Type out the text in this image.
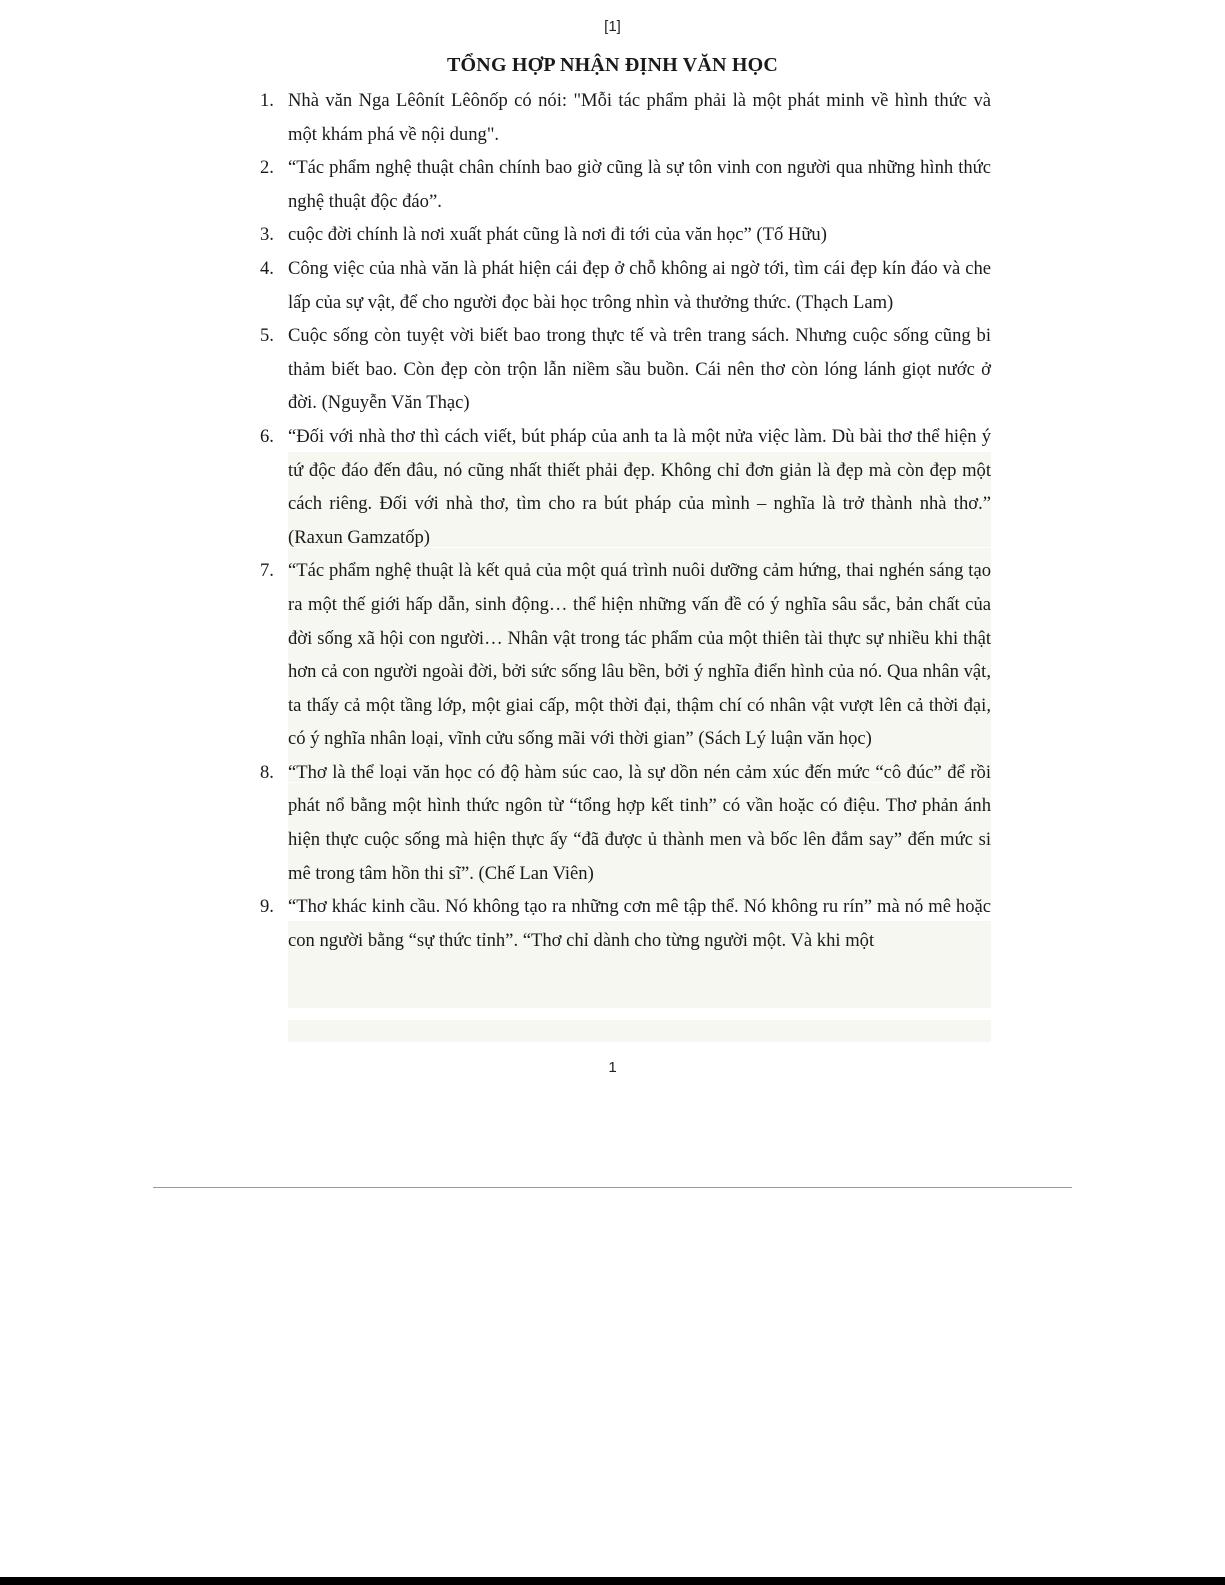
[1]
TỔNG HỢP NHẬN ĐỊNH VĂN HỌC
1. Nhà văn Nga Lêônít Lêônốp có nói: "Mỗi tác phẩm phải là một phát minh về hình thức và một khám phá về nội dung".
2. “Tác phẩm nghệ thuật chân chính bao giờ cũng là sự tôn vinh con người qua những hình thức nghệ thuật độc đáo”.
3. cuộc đời chính là nơi xuất phát cũng là nơi đi tới của văn học” (Tố Hữu)
4. Công việc của nhà văn là phát hiện cái đẹp ở chỗ không ai ngờ tới, tìm cái đẹp kín đáo và che lấp của sự vật, để cho người đọc bài học trông nhìn và thưởng thức. (Thạch Lam)
5. Cuộc sống còn tuyệt vời biết bao trong thực tế và trên trang sách. Nhưng cuộc sống cũng bi thảm biết bao. Còn đẹp còn trộn lẫn niềm sầu buồn. Cái nên thơ còn lóng lánh giọt nước ở đời. (Nguyễn Văn Thạc)
6. “Đối với nhà thơ thì cách viết, bút pháp của anh ta là một nửa việc làm. Dù bài thơ thể hiện ý tứ độc đáo đến đâu, nó cũng nhất thiết phải đẹp. Không chỉ đơn giản là đẹp mà còn đẹp một cách riêng. Đối với nhà thơ, tìm cho ra bút pháp của mình – nghĩa là trở thành nhà thơ.” (Raxun Gamzatốp)
7. “Tác phẩm nghệ thuật là kết quả của một quá trình nuôi dưỡng cảm hứng, thai nghén sáng tạo ra một thế giới hấp dẫn, sinh động… thể hiện những vấn đề có ý nghĩa sâu sắc, bản chất của đời sống xã hội con người… Nhân vật trong tác phẩm của một thiên tài thực sự nhiều khi thật hơn cả con người ngoài đời, bởi sức sống lâu bền, bởi ý nghĩa điển hình của nó. Qua nhân vật, ta thấy cả một tầng lớp, một giai cấp, một thời đại, thậm chí có nhân vật vượt lên cả thời đại, có ý nghĩa nhân loại, vĩnh cửu sống mãi với thời gian” (Sách Lý luận văn học)
8. “Thơ là thể loại văn học có độ hàm súc cao, là sự dồn nén cảm xúc đến mức “cô đúc” để rồi phát nổ bằng một hình thức ngôn từ “tổng hợp kết tinh” có vần hoặc có điệu. Thơ phản ánh hiện thực cuộc sống mà hiện thực ấy “đã được ủ thành men và bốc lên đắm say” đến mức si mê trong tâm hồn thi sĩ”. (Chế Lan Viên)
9. “Thơ khác kinh cầu. Nó không tạo ra những cơn mê tập thể. Nó không ru rín” mà nó mê hoặc con người bằng “sự thức tỉnh”. “Thơ chỉ dành cho từng người một. Và khi một
1
